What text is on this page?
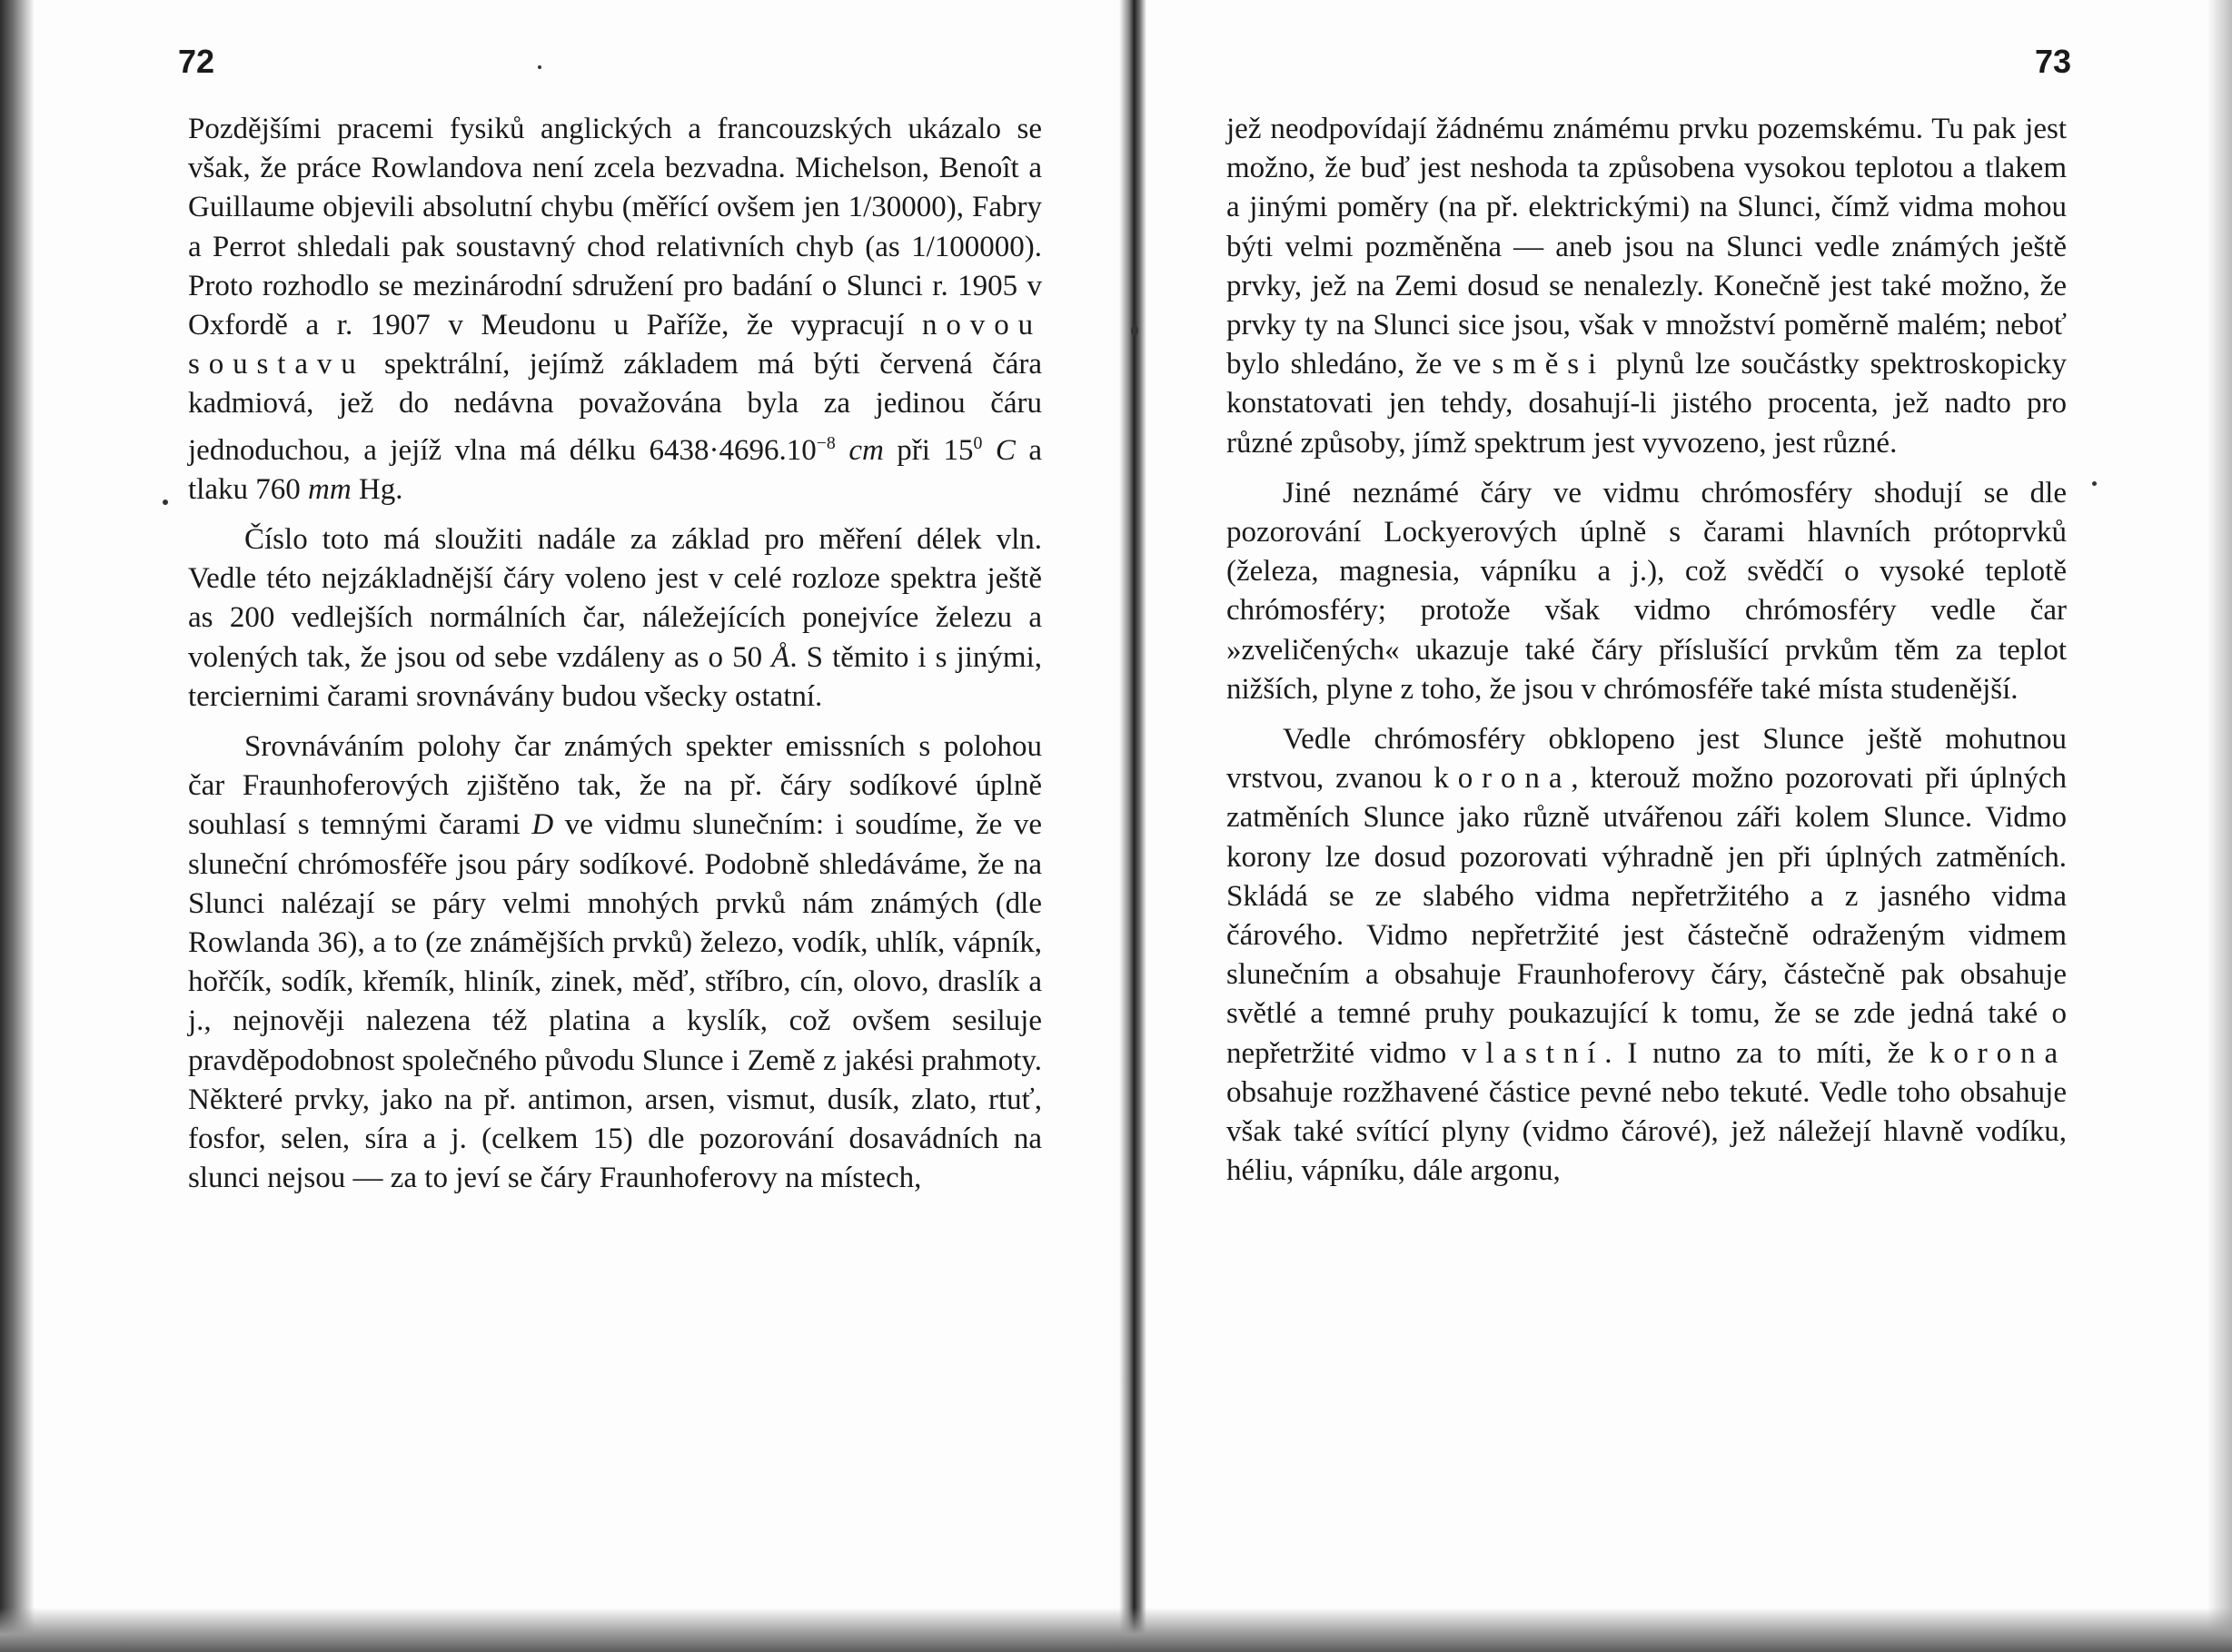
72	73

Pozdějšími pracemi fysiků anglických a francouzských ukázalo se však, že práce Rowlandova není zcela bezvadna. Michelson, Benoît a Guillaume objevili absolutní chybu (měřící ovšem jen 1/30000), Fabry a Perrot shledali pak soustavný chod relativních chyb (as 1/100000). Proto rozhodlo se mezinárodní sdružení pro badání o Slunci r. 1905 v Oxfordě a r. 1907 v Meudonu u Paříže, že vypracují novou soustavu spektrální, jejímž základem má býti červená čára kadmiová, jež do nedávna považována byla za jedinou čáru jednoduchou, a jejíž vlna má délku $6438\cdot 4696.10^{-8}$ cm při $15^0$ C a tlaku 760 mm Hg.

Číslo toto má sloužiti nadále za základ pro měření délek vln. Vedle této nejzákladnější čáry voleno jest v celé rozloze spektra ještě as 200 vedlejších normálních čar, náležejících ponejvíce železu a volených tak, že jsou od sebe vzdáleny as o 50 Å. S těmito i s jinými, terciernimi čarami srovnávány budou všecky ostatní.

Srovnáváním polohy čar známých spekter emissních s polohou čar Fraunhoferových zjištěno tak, že na př. čáry sodíkové úplně souhlasí s temnými čarami D ve vidmu slunečním: i soudíme, že ve sluneční chrómosféře jsou páry sodíkové. Podobně shledáváme, že na Slunci nalézají se páry velmi mnohých prvků nám známých (dle Rowlanda 36), a to (ze známějších prvků) železo, vodík, uhlík, vápník, hořčík, sodík, křemík, hliník, zinek, měď, stříbro, cín, olovo, draslík a j., nejnověji nalezena též platina a kyslík, což ovšem sesiluje pravděpodobnost společného původu Slunce i Země z jakési prahmoty. Některé prvky, jako na př. antimon, arsen, vismut, dusík, zlato, rtuť, fosfor, selen, síra a j. (celkem 15) dle pozorování dosavádních na slunci nejsou — za to jeví se čáry Fraunhoferovy na místech,

jež neodpovídají žádnému známému prvku pozemskému. Tu pak jest možno, že buď jest neshoda ta způsobena vysokou teplotou a tlakem a jinými poměry (na př. elektrickými) na Slunci, čímž vidma mohou býti velmi pozměněna — aneb jsou na Slunci vedle známých ještě prvky, jež na Zemi dosud se nenalezly. Konečně jest také možno, že prvky ty na Slunci sice jsou, však v množství poměrně malém; neboť bylo shledáno, že ve směsi plynů lze součástky spektroskopicky konstatovati jen tehdy, dosahují-li jistého procenta, jež nadto pro různé způsoby, jímž spektrum jest vyvozeno, jest různé.

Jiné neznámé čáry ve vidmu chrómosféry shodují se dle pozorování Lockyerových úplně s čarami hlavních prótoprvků (železa, magnesia, vápníku a j.), což svědčí o vysoké teplotě chrómosféry; protože však vidmo chrómosféry vedle čar »zveličených« ukazuje také čáry příslušící prvkům těm za teplot nižších, plyne z toho, že jsou v chrómosféře také místa studenější.

Vedle chrómosféry obklopeno jest Slunce ještě mohutnou vrstvou, zvanou korona, kterouž možno pozorovati při úplných zatměních Slunce jako různě utvářenou záři kolem Slunce. Vidmo korony lze dosud pozorovati výhradně jen při úplných zatměních. Skládá se ze slabého vidma nepřetržitého a z jasného vidma čárového. Vidmo nepřetržité jest částečně odraženým vidmem slunečním a obsahuje Fraunhoferovy čáry, částečně pak obsahuje světlé a temné pruhy poukazující k tomu, že se zde jedná také o nepřetržité vidmo vlastní. I nutno za to míti, že korona obsahuje rozžhavené částice pevné nebo tekuté. Vedle toho obsahuje však také svítící plyny (vidmo čárové), jež náležejí hlavně vodíku, héliu, vápníku, dále argonu,
